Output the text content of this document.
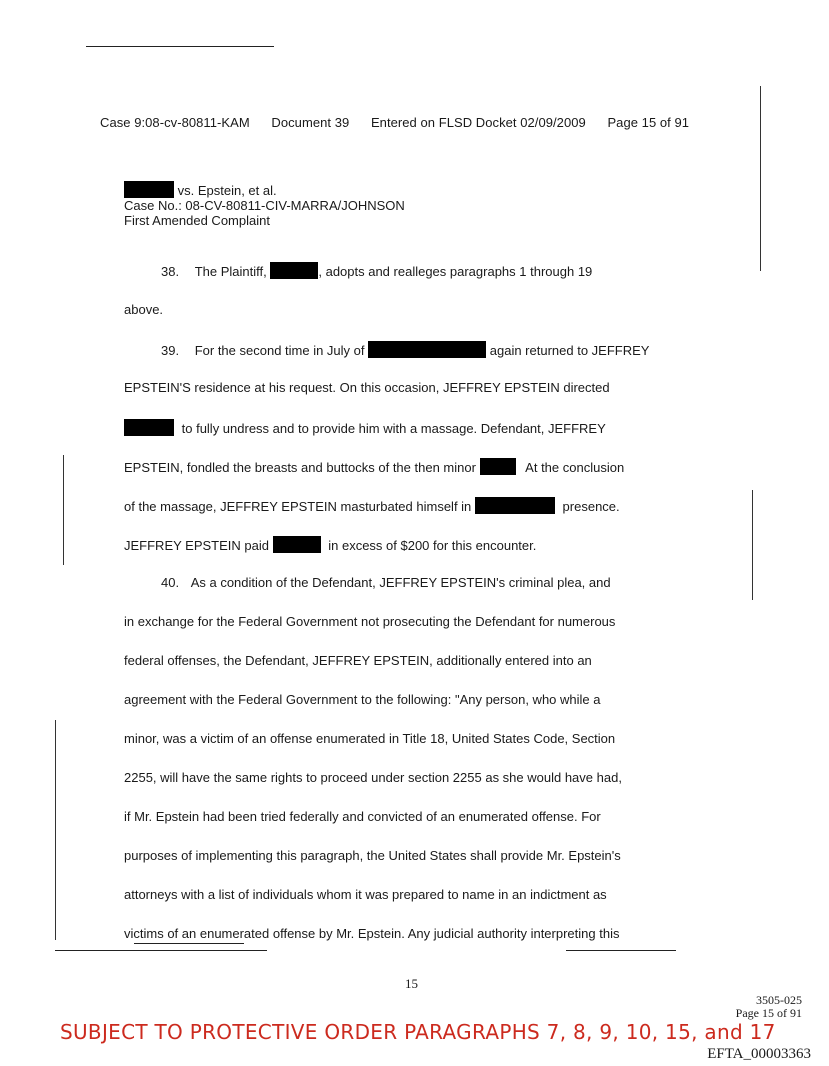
Case 9:08-cv-80811-KAM Document 39 Entered on FLSD Docket 02/09/2009 Page 15 of 91
vs. Epstein, et al.
Case No.: 08-CV-80811-CIV-MARRA/JOHNSON
First Amended Complaint
38. The Plaintiff,	, adopts and realleges paragraphs 1 through 19
above.
39. For the second time in July of	again returned to JEFFREY
EPSTEIN'S residence at his request. On this occasion, JEFFREY EPSTEIN directed
to fully undress and to provide him with a massage. Defendant, JEFFREY
EPSTEIN, fondled the breasts and buttocks of the then minor	At the conclusion
of the massage, JEFFREY EPSTEIN masturbated himself in	presence.
JEFFREY EPSTEIN paid	in excess of $200 for this encounter.
40. As a condition of the Defendant, JEFFREY EPSTEIN's criminal plea, and
in exchange for the Federal Government not prosecuting the Defendant for numerous
federal offenses, the Defendant, JEFFREY EPSTEIN, additionally entered into an
agreement with the Federal Government to the following: "Any person, who while a
minor, was a victim of an offense enumerated in Title 18, United States Code, Section
2255, will have the same rights to proceed under section 2255 as she would have had,
if Mr. Epstein had been tried federally and convicted of an enumerated offense. For
purposes of implementing this paragraph, the United States shall provide Mr. Epstein's
attorneys with a list of individuals whom it was prepared to name in an indictment as
victims of an enumerated offense by Mr. Epstein. Any judicial authority interpreting this
15
3505-025
Page 15 of 91
SUBJECT TO PROTECTIVE ORDER PARAGRAPHS 7, 8, 9, 10, 15, and 17
EFTA_00003363
